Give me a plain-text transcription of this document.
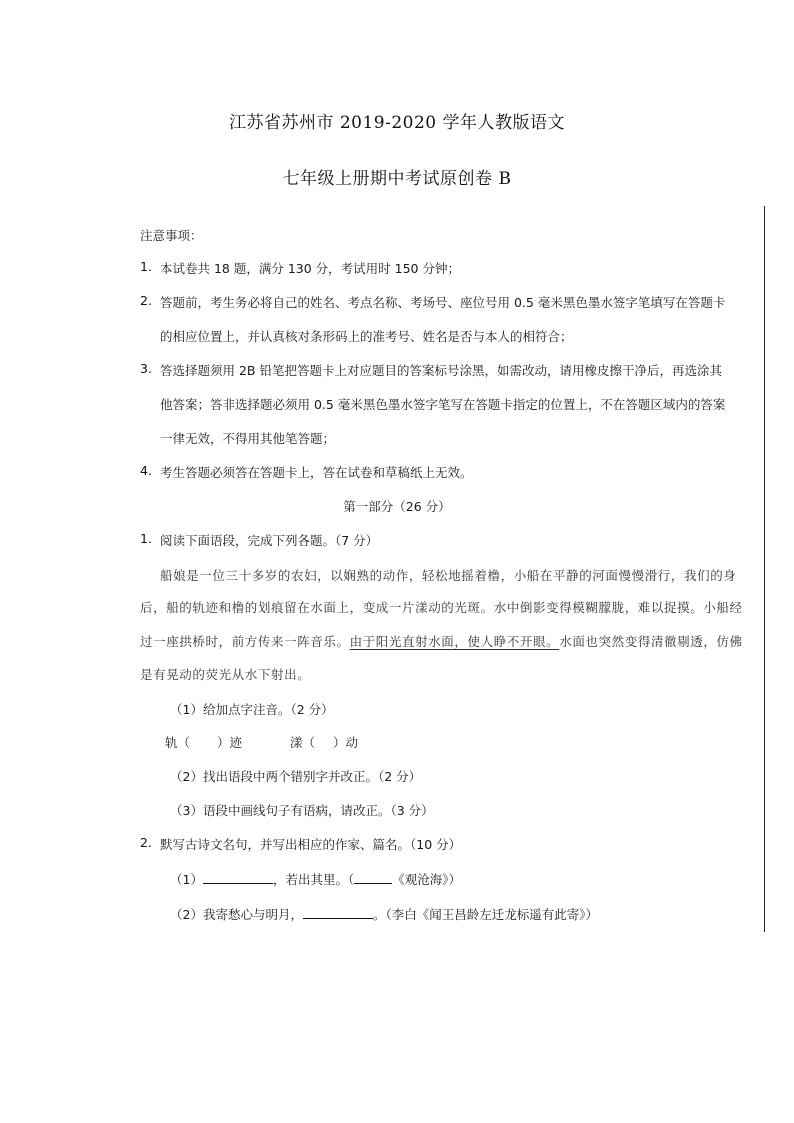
江苏省苏州市 2019-2020 学年人教版语文
七年级上册期中考试原创卷 B
注意事项：
1. 本试卷共 18 题，满分 130 分，考试用时 150 分钟；
2. 答题前，考生务必将自己的姓名、考点名称、考场号、座位号用 0.5 毫米黑色墨水签字笔填写在答题卡
的相应位置上，并认真核对条形码上的准考号、姓名是否与本人的相符合；
3. 答选择题须用 2B 铅笔把答题卡上对应题目的答案标号涂黑，如需改动，请用橡皮擦干净后，再选涂其
他答案；答非选择题必须用 0.5 毫米黑色墨水签字笔写在答题卡指定的位置上，不在答题区域内的答案
一律无效，不得用其他笔答题；
4. 考生答题必须答在答题卡上，答在试卷和草稿纸上无效。
第一部分（26 分）
1. 阅读下面语段，完成下列各题。（7 分）
船娘是一位三十多岁的农妇，以娴熟的动作，轻松地摇着橹，小船在平静的河面慢慢滑行，我们的身
后，船的轨迹和橹的划痕留在水面上，变成一片漾动的光斑。水中倒影变得模糊朦胧，难以捉摸。小船经
过一座拱桥时，前方传来一阵音乐。由于阳光直射水面，使人睁不开眼。水面也突然变得清徹剔透，仿佛
是有晃动的荧光从水下射出。
（1）给加点字注音。（2 分）
轨（ ）迹	漾（ ）动
（2）找出语段中两个错别字并改正。（2 分）
（3）语段中画线句子有语病，请改正。（3 分）
2. 默写古诗文名句，并写出相应的作家、篇名。（10 分）
（1）	，若出其里。（	《观沧海》）
（2）我寄愁心与明月，	。（李白《闻王昌龄左迁龙标遥有此寄》）
